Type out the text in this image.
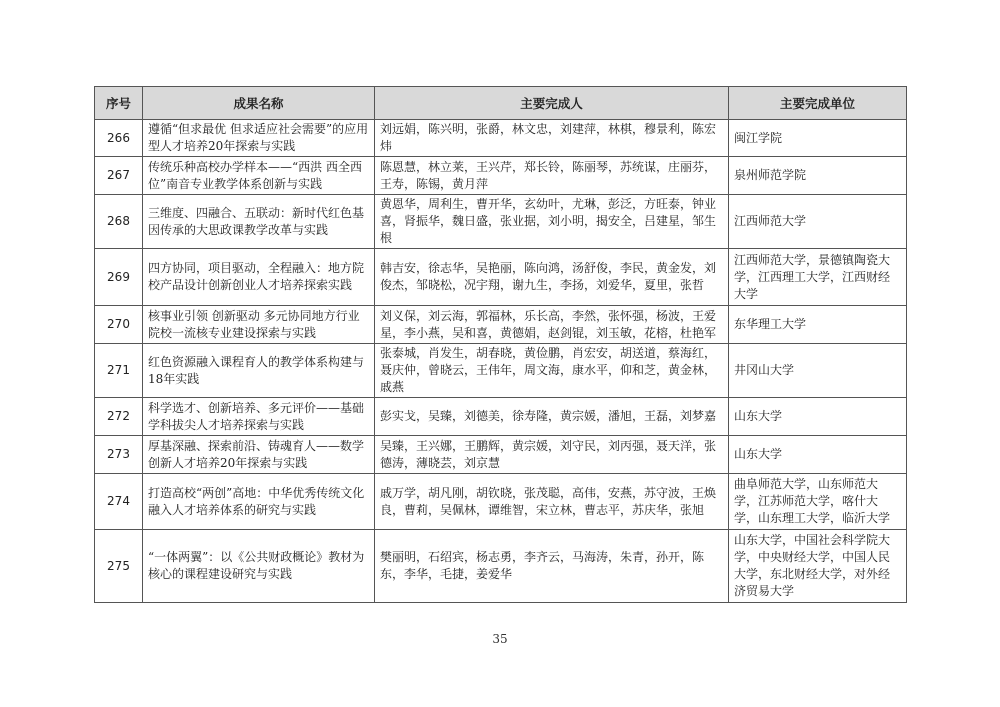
序号	成果名称	主要完成人	主要完成单位
266	遵循“但求最优 但求适应社会需要”的应用型人才培养20年探索与实践	刘远娟，陈兴明，张爵，林文忠，刘建萍，林棋，穆景利，陈宏炜	闽江学院
267	传统乐种高校办学样本——“西洪 西全西位”南音专业教学体系创新与实践	陈恩慧，林立莱，王兴芹，郑长铃，陈丽琴，苏统谋，庄丽芬，王寿，陈锡，黄月萍	泉州师范学院
268	三维度、四融合、五联动：新时代红色基因传承的大思政课教学改革与实践	黄恩华，周利生，曹开华，玄幼叶，尤琳，彭泛，方旺泰，钟业喜，肾振华，魏日盛，张业据，刘小明，揭安全，吕建星，邹生根	江西师范大学
269	四方协同，项目驱动，全程融入：地方院校产品设计创新创业人才培养探索实践	韩吉安，徐志华，吴艳丽，陈向鸿，汤舒俊，李民，黄金发，刘俊杰，邹晓松，况宇翔，谢九生，李扬，刘爱华，夏里，张哲	江西师范大学，景德镇陶瓷大学，江西理工大学，江西财经大学
270	核事业引领 创新驱动 多元协同地方行业院校一流核专业建设探索与实践	刘义保，刘云海，郭福林，乐长高，李然，张怀强，杨波，王爱星，李小燕，吴和喜，黄德娟，赵剑锟，刘玉敏，花榕，杜艳军	东华理工大学
271	红色资源融入课程育人的教学体系构建与18年实践	张泰城，肖发生，胡春晓，黄俭鹏，肖宏安，胡送道，蔡海红，聂庆仲，曾晓云，王伟年，周文海，康水平，仰和芝，黄金林，戚燕	井冈山大学
272	科学选才、创新培养、多元评价——基础学科拔尖人才培养探索与实践	彭实戈，吴臻，刘德美，徐寿隆，黄宗媛，潘旭，王磊，刘梦嘉	山东大学
273	厚基深融、探索前沿、铸魂育人——数学创新人才培养20年探索与实践	吴臻，王兴娜，王鹏辉，黄宗媛，刘守民，刘丙强，聂天洋，张德涛，薄晓芸，刘京慧	山东大学
274	打造高校“两创”高地：中华优秀传统文化融入人才培养体系的研究与实践	戚万学，胡凡刚，胡钦晓，张茂聪，高伟，安燕，苏守波，王焕良，曹莉，吴佩林，谭维智，宋立林，曹志平，苏庆华，张旭	曲阜师范大学，山东师范大学，江苏师范大学，喀什大学，山东理工大学，临沂大学
275	“一体两翼”：以《公共财政概论》教材为核心的课程建设研究与实践	樊丽明，石绍宾，杨志勇，李齐云，马海涛，朱青，孙开，陈东，李华，毛捷，姜爱华	山东大学，中国社会科学院大学，中央财经大学，中国人民大学，东北财经大学，对外经济贸易大学
35
